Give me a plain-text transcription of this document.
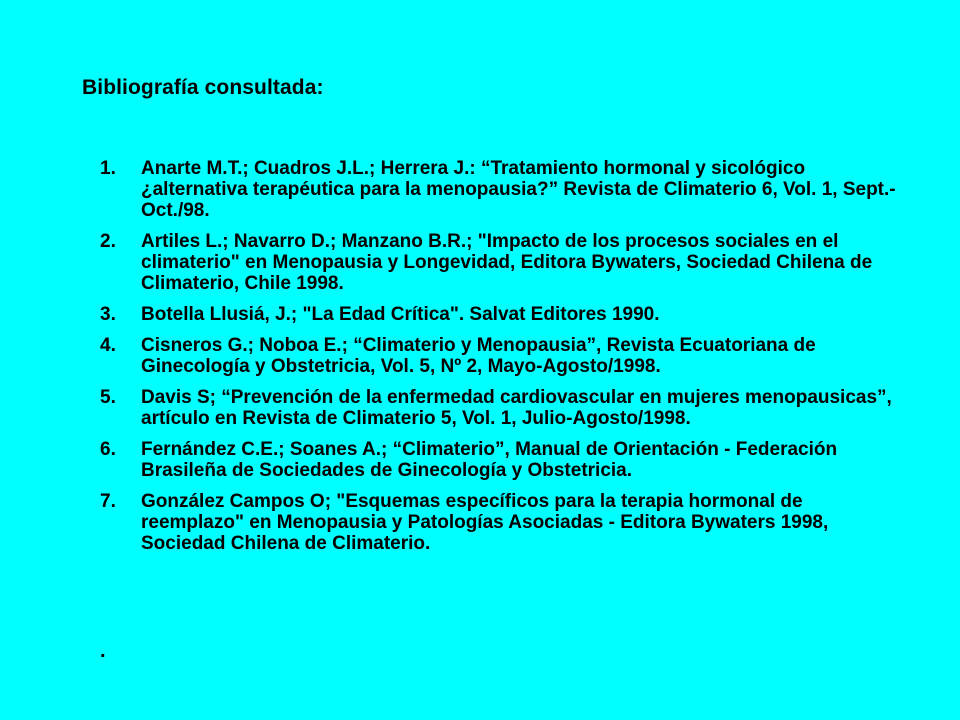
Bibliografía consultada:
1. Anarte M.T.; Cuadros J.L.; Herrera J.: “Tratamiento hormonal y sicológico ¿alternativa terapéutica para la menopausia?” Revista de Climaterio 6, Vol. 1, Sept.-Oct./98.
2. Artiles L.; Navarro D.; Manzano B.R.; "Impacto de los procesos sociales en el climaterio" en Menopausia y Longevidad, Editora Bywaters, Sociedad Chilena de Climaterio, Chile 1998.
3. Botella Llusiá, J.; "La Edad Crítica". Salvat Editores 1990.
4. Cisneros G.; Noboa E.; “Climaterio y Menopausia”, Revista Ecuatoriana de Ginecología y Obstetricia, Vol. 5, Nº 2, Mayo-Agosto/1998.
5. Davis S; “Prevención de la enfermedad cardiovascular en mujeres menopausicas”, artículo en Revista de Climaterio 5, Vol. 1, Julio-Agosto/1998.
6. Fernández C.E.; Soanes A.; “Climaterio”, Manual de Orientación - Federación Brasileña de Sociedades de Ginecología y Obstetricia.
7. González Campos O; "Esquemas específicos para la terapia hormonal de reemplazo" en Menopausia y Patologías Asociadas - Editora Bywaters 1998, Sociedad Chilena de Climaterio.
.
